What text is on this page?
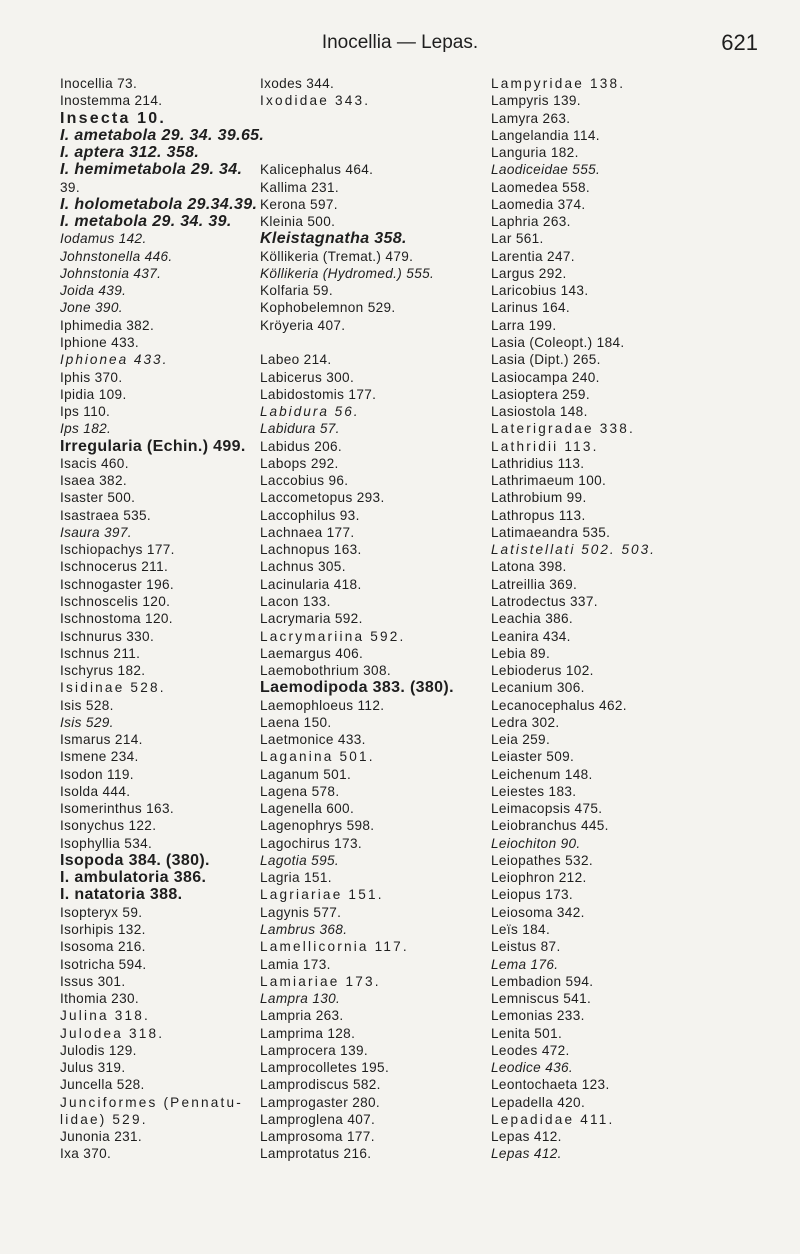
Inocellia — Lepas.	621
Inocellia 73.
Inostemma 214.
Insecta 10.
I. ametabola 29. 34. 39.65.
I. aptera 312. 358.
I. hemimetabola 29. 34.
39.
I. holometabola 29.34.39.
I. metabola 29. 34. 39.
Iodamus 142.
Johnstonella 446.
Johnstonia 437.
Joida 439.
Jone 390.
Iphimedia 382.
Iphione 433.
Iphionea 433.
Iphis 370.
Ipidia 109.
Ips 110.
Ips 182.
Irregularia (Echin.) 499.
Isacis 460.
Isaea 382.
Isaster 500.
Isastraea 535.
Isaura 397.
Ischiopachys 177.
Ischnocerus 211.
Ischnogaster 196.
Ischnoscelis 120.
Ischnostoma 120.
Ischnurus 330.
Ischnus 211.
Ischyrus 182.
Isidinae 528.
Isis 528.
Isis 529.
Ismarus 214.
Ismene 234.
Isodon 119.
Isolda 444.
Isomerinthus 163.
Isonychus 122.
Isophyllia 534.
Isopoda 384. (380).
I. ambulatoria 386.
I. natatoria 388.
Isopteryx 59.
Isorhipis 132.
Isosoma 216.
Isotricha 594.
Issus 301.
Ithomia 230.
Julina 318.
Julodea 318.
Julodis 129.
Julus 319.
Juncella 528.
Junciformes (Pennatu-
lidae) 529.
Junonia 231.
Ixa 370.
Ixodes 344.
Ixodidae 343.
Kalicephalus 464.
Kallima 231.
Kerona 597.
Kleinia 500.
Kleistagnatha 358.
Köllikeria (Tremat.) 479.
Köllikeria (Hydromed.) 555.
Kolfaria 59.
Kophobelemnon 529.
Kröyeria 407.
Labeo 214.
Labicerus 300.
Labidostomis 177.
Labidura 56.
Labidura 57.
Labidus 206.
Labops 292.
Laccobius 96.
Laccometopus 293.
Laccophilus 93.
Lachnaea 177.
Lachnopus 163.
Lachnus 305.
Lacinularia 418.
Lacon 133.
Lacrymaria 592.
Lacrymariina 592.
Laemargus 406.
Laemobothrium 308.
Laemodipoda 383. (380).
Laemophloeus 112.
Laena 150.
Laetmonice 433.
Laganina 501.
Laganum 501.
Lagena 578.
Lagenella 600.
Lagenophrys 598.
Lagochirus 173.
Lagotia 595.
Lagria 151.
Lagriariae 151.
Lagynis 577.
Lambrus 368.
Lamellicornia 117.
Lamia 173.
Lamiariae 173.
Lampra 130.
Lampria 263.
Lamprima 128.
Lamprocera 139.
Lamprocolletes 195.
Lamprodiscus 582.
Lamprogaster 280.
Lamproglena 407.
Lamprosoma 177.
Lamprotatus 216.
Lampyridae 138.
Lampyris 139.
Lamyra 263.
Langelandia 114.
Languria 182.
Laodiceidae 555.
Laomedea 558.
Laomedia 374.
Laphria 263.
Lar 561.
Larentia 247.
Largus 292.
Laricobius 143.
Larinus 164.
Larra 199.
Lasia (Coleopt.) 184.
Lasia (Dipt.) 265.
Lasiocampa 240.
Lasioptera 259.
Lasiostola 148.
Laterigradae 338.
Lathridii 113.
Lathridius 113.
Lathrimaeum 100.
Lathrobium 99.
Lathropus 113.
Latimaeandra 535.
Latistellati 502. 503.
Latona 398.
Latreillia 369.
Latrodectus 337.
Leachia 386.
Leanira 434.
Lebia 89.
Lebioderus 102.
Lecanium 306.
Lecanocephalus 462.
Ledra 302.
Leia 259.
Leiaster 509.
Leichenum 148.
Leiestes 183.
Leimacopsis 475.
Leiobranchus 445.
Leiochiton 90.
Leiopathes 532.
Leiophron 212.
Leiopus 173.
Leiosoma 342.
Leïs 184.
Leistus 87.
Lema 176.
Lembadion 594.
Lemniscus 541.
Lemonias 233.
Lenita 501.
Leodes 472.
Leodice 436.
Leontochaeta 123.
Lepadella 420.
Lepadidae 411.
Lepas 412.
Lepas 412.
